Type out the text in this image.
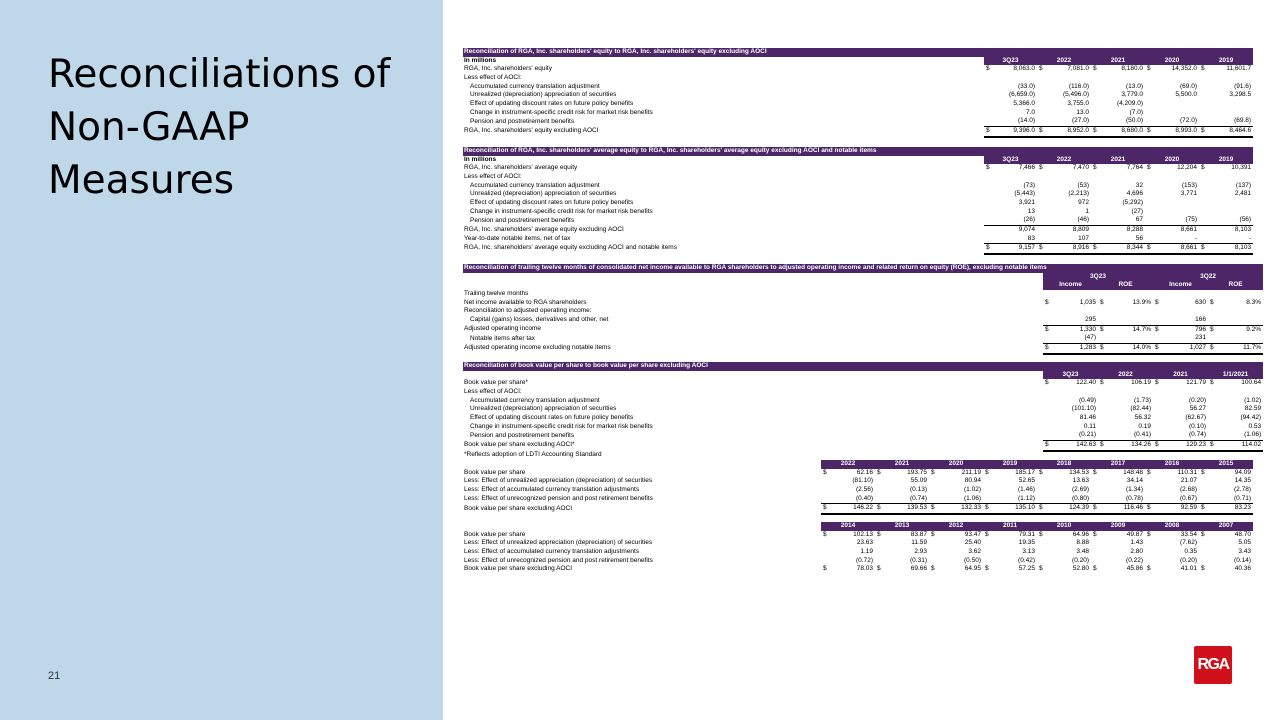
Reconciliations of Non-GAAP Measures
21
Reconciliation of RGA, Inc. shareholders' equity to RGA, Inc. shareholders' equity excluding AOCI										
In millions	3Q23		2022		2021		2020		2019	
RGA, Inc. shareholders' equity	$	8,063.0	$	7,081.0	$	8,180.0	$	14,352.0	$	11,601.7
Less effect of AOCI:										
Accumulated currency translation adjustment		(33.0)		(116.0)		(13.0)		(69.0)		(91.6)
Unrealized (depreciation) appreciation of securities		(6,659.0)		(5,496.0)		3,779.0		5,500.0		3,298.5
Effect of updating discount rates on future policy benefits		5,366.0		3,755.0		(4,209.0)				
Change in instrument-specific credit risk for market risk benefits		7.0		13.0		(7.0)				
Pension and postretirement benefits		(14.0)		(27.0)		(50.0)		(72.0)		(69.8)
RGA, Inc. shareholders' equity excluding AOCI	$	9,396.0	$	8,952.0	$	8,680.0	$	8,993.0	$	8,464.6
Reconciliation of RGA, Inc. shareholders' average equity to RGA, Inc. shareholders' average equity excluding AOCI and notable items										
In millions	3Q23		2022		2021		2020		2019	
RGA, Inc. shareholders' average equity	$	7,466	$	7,470	$	7,764	$	12,204	$	10,391
Less effect of AOCI:										
Accumulated currency translation adjustment		(73)		(53)		32		(153)		(137)
Unrealized (depreciation) appreciation of securities		(5,443)		(2,213)		4,696		3,771		2,481
Effect of updating discount rates on future policy benefits		3,921		972		(5,292)				
Change in instrument-specific credit risk for market risk benefits		13		1		(27)				
Pension and postretirement benefits		(26)		(46)		67		(75)		(56)
RGA, Inc. shareholders' average equity excluding AOCI		9,074		8,809		8,288		8,661		8,103
Year-to-date notable items, net of tax		83		107		56		-		-
RGA, Inc. shareholders' average equity excluding AOCI and notable items	$	9,157	$	8,916	$	8,344	$	8,661	$	8,103
Reconciliation of trailing twelve months of consolidated net income available to RGA shareholders to adjusted operating income and related return on equity (ROE), excluding notable items								
	3Q23				3Q22			
	Income		ROE		Income		ROE	
Trailing twelve months								
Net income available to RGA shareholders	$	1,035	$	13.9%	$	630	$	8.3%
Reconciliation to adjusted operating income:								
Capital (gains) losses, derivatives and other, net		295				166		
Adjusted operating income	$	1,330	$	14.7%	$	796	$	9.2%
Notable items after tax		(47)				231		
Adjusted operating income excluding notable items	$	1,283	$	14.0%	$	1,027	$	11.7%
Reconciliation of book value per share to book value per share excluding AOCI								
	3Q23		2022		2021		1/1/2021	
Book value per share*	$	122.40	$	106.19	$	121.79	$	100.64
Less effect of AOCI:								
Accumulated currency translation adjustment		(0.49)		(1.73)		(0.20)		(1.02)
Unrealized (depreciation) appreciation of securities		(101.10)		(82.44)		56.27		82.59
Effect of updating discount rates on future policy benefits		81.46		56.32		(62.67)		(94.42)
Change in instrument-specific credit risk for market risk benefits		0.11		0.19		(0.10)		0.53
Pension and postretirement benefits		(0.21)		(0.41)		(0.74)		(1.06)
Book value per share excluding AOCI*	$	142.63	$	134.26	$	129.23	$	114.02
*Reflects adoption of LDTI Accounting Standard								
	2022		2021		2020		2019		2018		2017		2016		2015	
Book value per share	$	62.16	$	193.75	$	211.19	$	185.17	$	134.53	$	148.48	$	110.31	$	94.09
Less: Effect of unrealized appreciation (depreciation) of securities		(81.10)		55.09		80.94		52.65		13.63		34.14		21.07		14.35
Less: Effect of accumulated currency translation adjustments		(2.56)		(0.13)		(1.02)		(1.46)		(2.69)		(1.34)		(2.68)		(2.78)
Less: Effect of unrecognized pension and post retirement benefits		(0.40)		(0.74)		(1.06)		(1.12)		(0.80)		(0.78)		(0.67)		(0.71)
Book value per share excluding AOCI	$	146.22	$	139.53	$	132.33	$	135.10	$	124.39	$	116.46	$	92.59	$	83.23
	2014		2013		2012		2011		2010		2009		2008		2007	
Book value per share	$	102.13	$	83.87	$	93.47	$	79.31	$	64.96	$	49.87	$	33.54	$	48.70
Less: Effect of unrealized appreciation (depreciation) of securities		23.63		11.59		25.40		19.35		8.88		1.43		(7.62)		5.05
Less: Effect of accumulated currency translation adjustments		1.19		2.93		3.62		3.13		3.48		2.80		0.35		3.43
Less: Effect of unrecognized pension and post retirement benefits		(0.72)		(0.31)		(0.50)		(0.42)		(0.20)		(0.22)		(0.20)		(0.14)
Book value per share excluding AOCI	$	78.03	$	69.66	$	64.95	$	57.25	$	52.80	$	45.86	$	41.01	$	40.36
RGA
